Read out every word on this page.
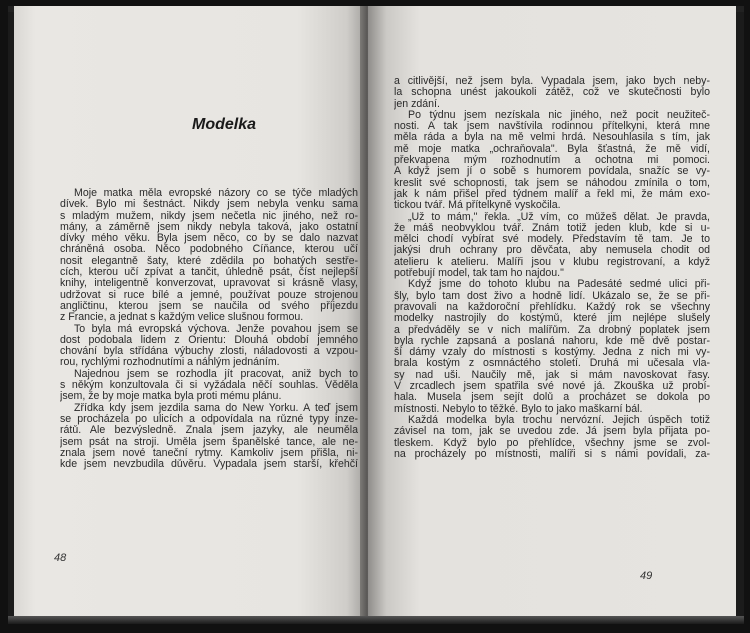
Modelka
Moje matka měla evropské názory co se týče mladých
dívek. Bylo mi šestnáct. Nikdy jsem nebyla venku sama
s mladým mužem, nikdy jsem nečetla nic jiného, než ro-
mány, a záměrně jsem nikdy nebyla taková, jako ostatní
dívky mého věku. Byla jsem něco, co by se dalo nazvat
chráněná osoba. Něco podobného Číňance, kterou učí
nosit elegantně šaty, které zdědila po bohatých sestře-
cích, kterou učí zpívat a tančit, úhledně psát, číst nejlepší
knihy, inteligentně konverzovat, upravovat si krásně vlasy,
udržovat si ruce bílé a jemné, používat pouze strojenou
angličtinu, kterou jsem se naučila od svého příjezdu
z Francie, a jednat s každým velice slušnou formou.
To byla má evropská výchova. Jenže povahou jsem se
dost podobala lidem z Orientu: Dlouhá období jemného
chování byla střídána výbuchy zlosti, náladovosti a vzpou-
rou, rychlými rozhodnutími a náhlým jednáním.
Najednou jsem se rozhodla jít pracovat, aniž bych to
s někým konzultovala či si vyžádala něčí souhlas. Věděla
jsem, že by moje matka byla proti mému plánu.
Zřídka kdy jsem jezdila sama do New Yorku. A teď jsem
se procházela po ulicích a odpovídala na různé typy inze-
rátů. Ale bezvýsledně. Znala jsem jazyky, ale neuměla
jsem psát na stroji. Uměla jsem španělské tance, ale ne-
znala jsem nové taneční rytmy. Kamkoliv jsem přišla, ni-
kde jsem nevzbudila důvěru. Vypadala jsem starší, křehčí
48
a citlivější, než jsem byla. Vypadala jsem, jako bych neby-
la schopna unést jakoukoli zátěž, což ve skutečnosti bylo
jen zdání.
Po týdnu jsem nezískala nic jiného, než pocit neužiteč-
nosti. A tak jsem navštívila rodinnou přítelkyni, která mne
měla ráda a byla na mě velmi hrdá. Nesouhlasila s tím, jak
mě moje matka „ochraňovala". Byla šťastná, že mě vidí,
překvapena mým rozhodnutím a ochotna mi pomoci.
A když jsem jí o sobě s humorem povídala, snažíc se vy-
kreslit své schopnosti, tak jsem se náhodou zmínila o tom,
jak k nám přišel před týdnem malíř a řekl mi, že mám exo-
tickou tvář. Má přítelkyně vyskočila.
„Už to mám," řekla. „Už vím, co můžeš dělat. Je pravda,
že máš neobvyklou tvář. Znám totiž jeden klub, kde si u-
mělci chodí vybírat své modely. Představím tě tam. Je to
jakýsi druh ochrany pro děvčata, aby nemusela chodit od
atelieru k atelieru. Malíři jsou v klubu registrovaní, a když
potřebují model, tak tam ho najdou."
Když jsme do tohoto klubu na Padesáté sedmé ulici při-
šly, bylo tam dost živo a hodně lidí. Ukázalo se, že se při-
pravovali na každoroční přehlídku. Každý rok se všechny
modelky nastrojily do kostýmů, které jim nejlépe slušely
a předváděly se v nich malířům. Za drobný poplatek jsem
byla rychle zapsaná a poslaná nahoru, kde mě dvě postar-
ší dámy vzaly do místnosti s kostýmy. Jedna z nich mi vy-
brala kostým z osmnáctého století. Druhá mi učesala vla-
sy nad uši. Naučily mě, jak si mám navoskovat řasy.
V zrcadlech jsem spatřila své nové já. Zkouška už probí-
hala. Musela jsem sejít dolů a procházet se dokola po
místnosti. Nebylo to těžké. Bylo to jako maškarní bál.
Každá modelka byla trochu nervózní. Jejich úspěch totiž
závisel na tom, jak se uvedou zde. Já jsem byla přijata po-
tleskem. Když bylo po přehlídce, všechny jsme se zvol-
na procházely po místnosti, malíři si s námi povídali, za-
49
